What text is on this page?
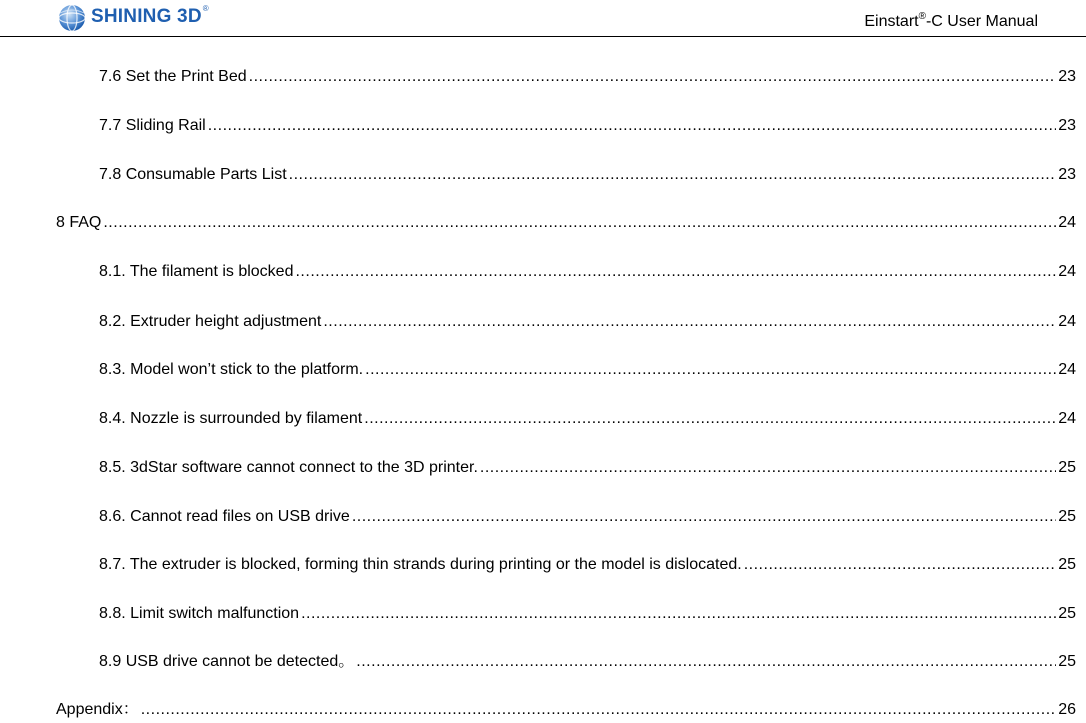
SHINING 3D ®
Einstart®-C User Manual
7.6 Set the Print Bed .....	23
7.7 Sliding Rail .....	23
7.8 Consumable Parts List .....	23
8 FAQ .....	24
8.1. The filament is blocked .....	24
8.2. Extruder height adjustment .....	24
8.3. Model won’t stick to the platform. .....	24
8.4. Nozzle is surrounded by filament .....	24
8.5. 3dStar software cannot connect to the 3D printer. .....	25
8.6. Cannot read files on USB drive .....	25
8.7. The extruder is blocked, forming thin strands during printing or the model is dislocated. .....	25
8.8. Limit switch malfunction .....	25
8.9 USB drive cannot be detected。 .....	25
Appendix： .....	26
